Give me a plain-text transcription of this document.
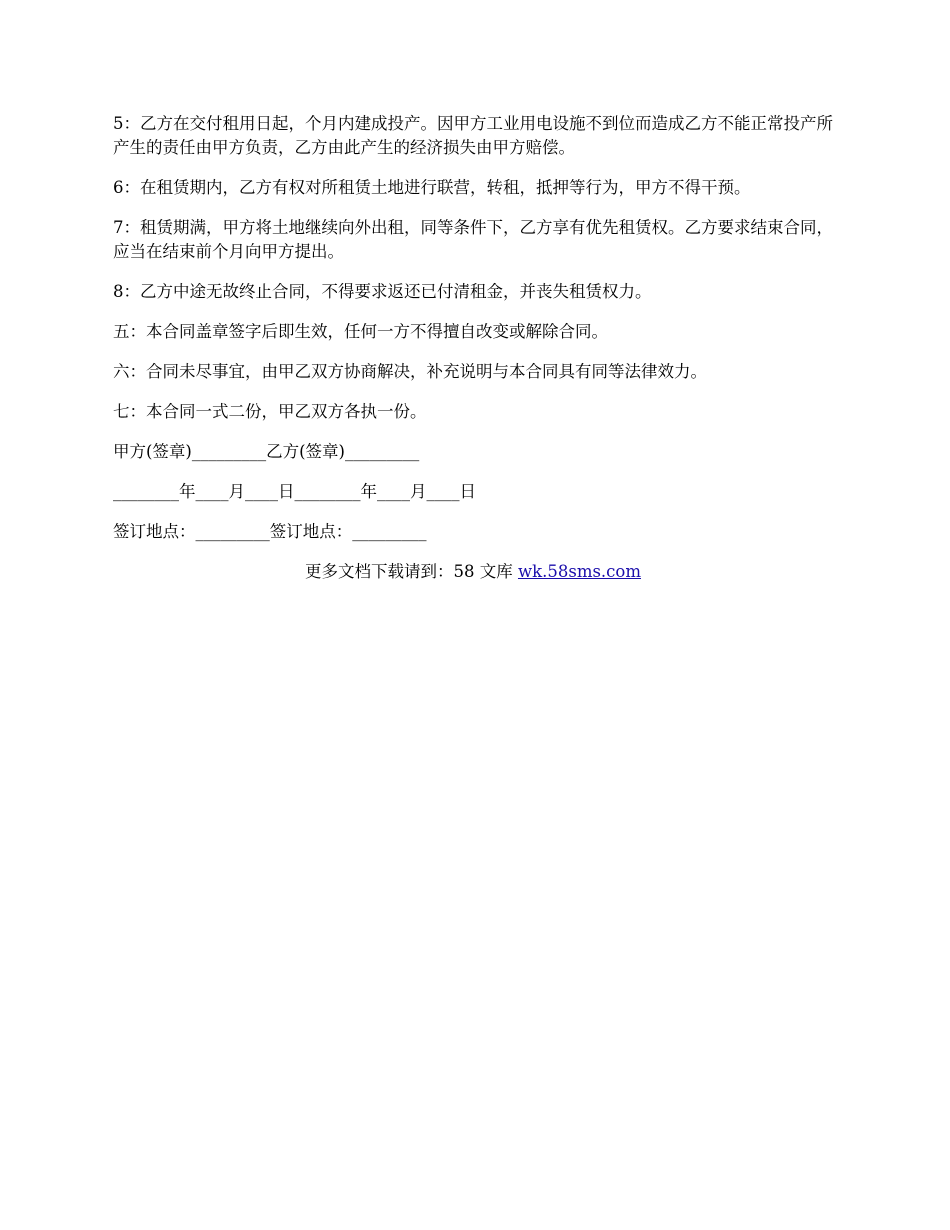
5：乙方在交付租用日起，个月内建成投产。因甲方工业用电设施不到位而造成乙方不能正常投产所产生的责任由甲方负责，乙方由此产生的经济损失由甲方赔偿。

6：在租赁期内，乙方有权对所租赁土地进行联营，转租，抵押等行为，甲方不得干预。

7：租赁期满，甲方将土地继续向外出租，同等条件下，乙方享有优先租赁权。乙方要求结束合同，应当在结束前个月向甲方提出。

8：乙方中途无故终止合同，不得要求返还已付清租金，并丧失租赁权力。

五：本合同盖章签字后即生效，任何一方不得擅自改变或解除合同。

六：合同未尽事宜，由甲乙双方协商解决，补充说明与本合同具有同等法律效力。

七：本合同一式二份，甲乙双方各执一份。

甲方(签章)_________乙方(签章)_________

________年____月____日________年____月____日

签订地点：_________签订地点：_________

更多文档下载请到：58 文库 wk.58sms.com
